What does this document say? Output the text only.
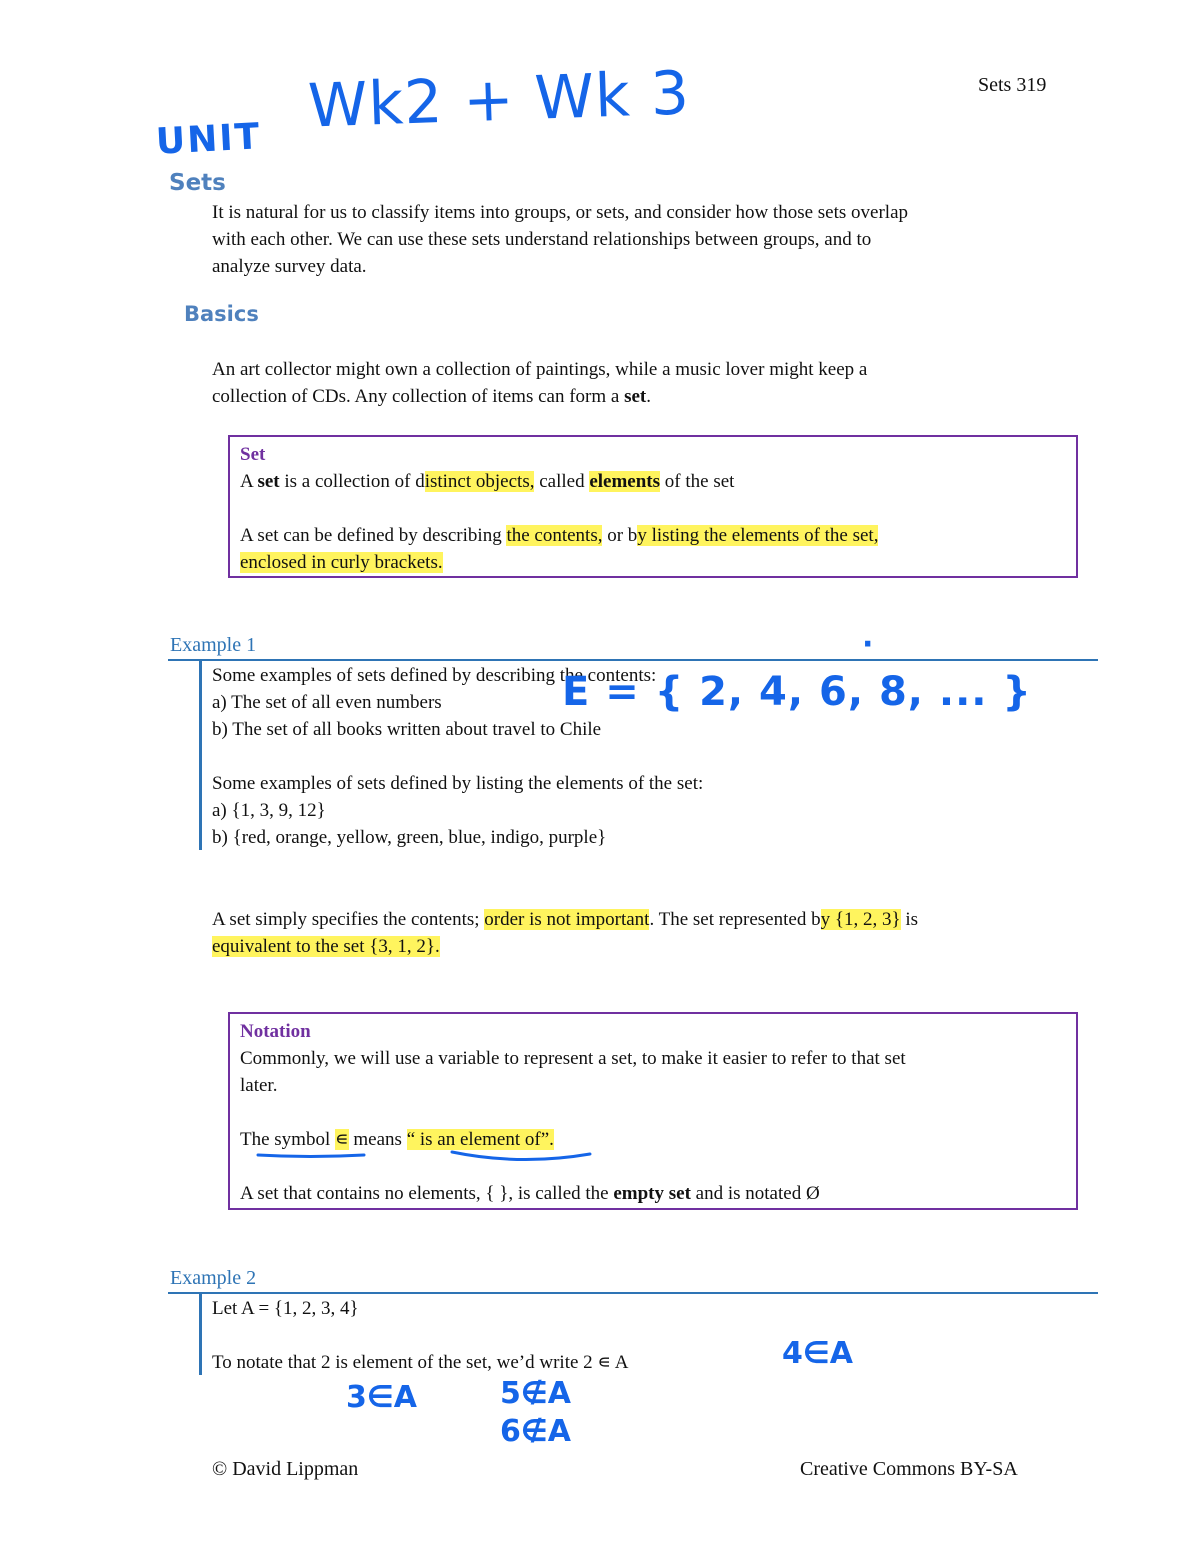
Sets 319
UNIT Wk2 + Wk 3
Sets
It is natural for us to classify items into groups, or sets, and consider how those sets overlap
with each other. We can use these sets understand relationships between groups, and to
analyze survey data.
Basics
An art collector might own a collection of paintings, while a music lover might keep a
collection of CDs. Any collection of items can form a set.
Set
A set is a collection of distinct objects, called elements of the set
A set can be defined by describing the contents, or by listing the elements of the set,
enclosed in curly brackets.
Example 1
Some examples of sets defined by describing the contents:
a) The set of all even numbers
b) The set of all books written about travel to Chile
Some examples of sets defined by listing the elements of the set:
a) {1, 3, 9, 12}
b) {red, orange, yellow, green, blue, indigo, purple}
·
E = { 2, 4, 6, 8, ... }
A set simply specifies the contents; order is not important. The set represented by {1, 2, 3} is
equivalent to the set {3, 1, 2}.
Notation
Commonly, we will use a variable to represent a set, to make it easier to refer to that set
later.
The symbol ∊ means “ is an element of”.
A set that contains no elements, { }, is called the empty set and is notated Ø
Example 2
Let A = {1, 2, 3, 4}
To notate that 2 is element of the set, we’d write 2 ∊ A	4∈A
3∈A	5∉A
6∉A
© David Lippman	Creative Commons BY-SA
